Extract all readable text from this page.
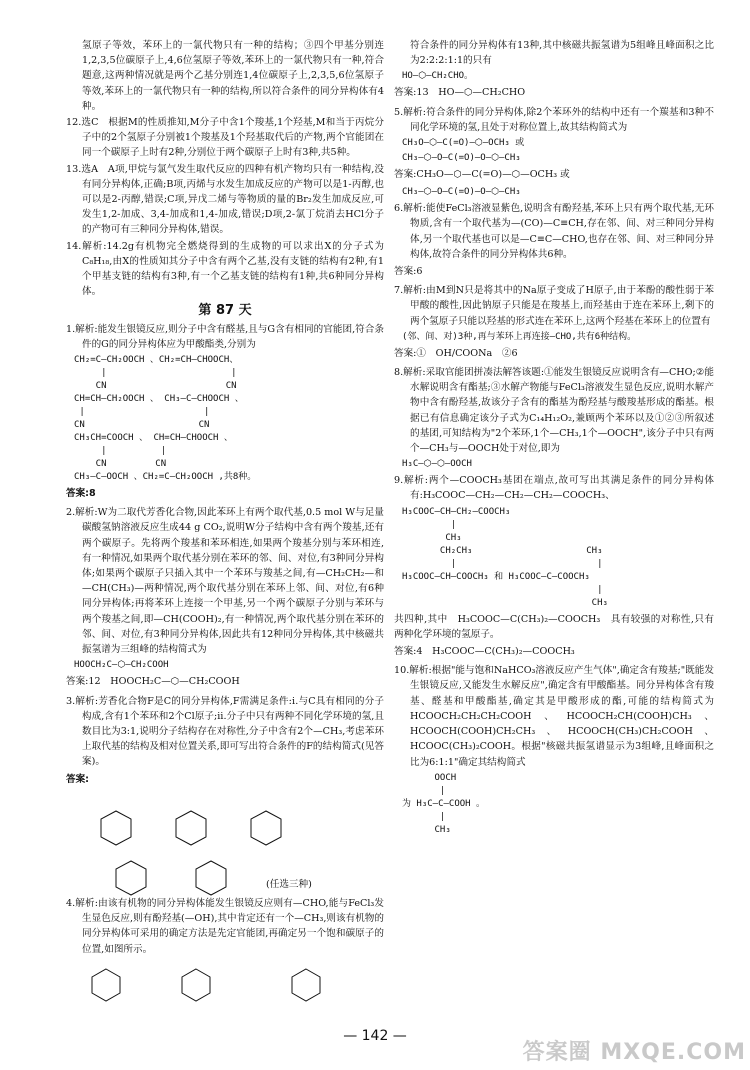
氢原子等效，苯环上的一氯代物只有一种的结构；③四个甲基分别连1,2,3,5位碳原子上,4,6位氢原子等效,苯环上的一氯代物只有一种,符合题意,这两种情况就是两个乙基分别连1,4位碳原子上,2,3,5,6位氢原子等效,苯环上的一氯代物只有一种的结构,所以符合条件的同分异构体有4种。

12.选C　根据M的性质推知,M分子中含1个羧基,1个羟基,M和当于丙烷分子中的2个氢原子分别被1个羧基及1个羟基取代后的产物,两个官能团在同一个碳原子上时有2种,分别位于两个碳原子上时有3种,共5种。

13.选A　A项,甲烷与氯气发生取代反应的四种有机产物均只有一种结构,没有同分异构体,正确;B项,丙烯与水发生加成反应的产物可以是1-丙醇,也可以是2-丙醇,错误;C项,异戊二烯与等物质的量的Br₂发生加成反应,可发生1,2-加成、3,4-加成和1,4-加成,错误;D项,2-氯丁烷消去HCl分子的产物可有三种同分异构体,错误。

14.解析:14.2g有机物完全燃烧得到的生成物的可以求出X的分子式为C₈H₁₈,由X的性质知其分子中含有两个乙基,没有支链的结构有2种,有1个甲基支链的结构有3种,有一个乙基支链的结构有1种,共6种同分异构体。

第 87 天

1.解析:能发生银镜反应,则分子中含有醛基,且与G含有相同的官能团,符合条件的G的同分异构体应为甲酸酯类,分别为

CH₂=C—CH₂OOCH 、CH₂=CH—CHOOCH、
|                       |
CN                      CN
CH=CH—CH₂OOCH 、 CH₃—C—CHOOCH 、
|                      |
CN                     CN
CH₃CH=COOCH 、 CH=CH—CHOOCH 、
|          |
CN         CN
CH₃—C—OOCH 、CH₂=C—CH₂OOCH ,共8种。
答案:8

2.解析:W为二取代芳香化合物,因此苯环上有两个取代基,0.5 mol W与足量碳酸氢钠溶液反应生成44 g CO₂,说明W分子结构中含有两个羧基,还有两个碳原子。先将两个羧基和苯环相连,如果两个羧基分别与苯环相连,有一种情况,如果两个取代基分别在苯环的邻、间、对位,有3种同分异构体;如果两个碳原子只插入其中一个苯环与羧基之间,有—CH₂CH₂—和—CH(CH₃)—两种情况,两个取代基分别在苯环上邻、间、对位,有6种同分异构体;再将苯环上连接一个甲基,另一个两个碳原子分别与苯环与两个羧基之间,即—CH(COOH)₂,有一种情况,两个取代基分别在苯环的邻、间、对位,有3种同分异构体,因此共有12种同分异构体,其中核磁共振氢谱为三组峰的结构简式为

HOOCH₂C—⬡—CH₂COOH
答案:12　HOOCH₂C—⬡—CH₂COOH

3.解析:芳香化合物F是C的同分异构体,F需满足条件:ⅰ.与C具有相同的分子构成,含有1个苯环和2个Cl原子;ⅱ.分子中只有两种不同化学环境的氢,且数目比为3:1,说明分子结构存在对称性,分子中含有2个—CH₃,考虑苯环上取代基的结构及相对位置关系,即可写出符合条件的F的结构简式(见答案)。

答案:
(任选三种)

4.解析:由该有机物的同分异构体能发生银镜反应则有—CHO,能与FeCl₃发生显色反应,则有酚羟基(—OH),其中肯定还有一个—CH₃,则该有机物的同分异构体可采用的确定方法是先定官能团,再确定另一个饱和碳原子的位置,如图所示。

符合条件的同分异构体有13种,其中核磁共振氢谱为5组峰且峰面积之比为2:2:2:1:1的只有

HO—⬡—CH₂CHO。
答案:13　HO—⬡—CH₂CHO

5.解析:符合条件的同分异构体,除2个苯环外的结构中还有一个羰基和3种不同化学环境的氢,且处于对称位置上,故其结构简式为

CH₃O—⬡—C(=O)—⬡—OCH₃ 或
CH₃—⬡—O—C(=O)—O—⬡—CH₃
答案:CH₃O—⬡—C(=O)—⬡—OCH₃ 或
CH₃—⬡—O—C(=O)—O—⬡—CH₃

6.解析:能使FeCl₃溶液显紫色,说明含有酚羟基,苯环上只有两个取代基,无环物质,含有一个取代基为—(CO)—C≡CH,存在邻、间、对三种同分异构体,另一个取代基也可以是—C≡C—CHO,也存在邻、间、对三种同分异构体,故符合条件的同分异构体共6种。

答案:6

7.解析:由M到N只是将其中的Na原子变成了H原子,由于苯酚的酸性弱于苯甲酸的酸性,因此钠原子只能是在羧基上,而羟基由于连在苯环上,剩下的两个氢原子只能以羟基的形式连在苯环上,这两个羟基在苯环上的位置有

(邻、间、对)3种,再与苯环上再连接—CHO,共有6种结构。
答案:①　OH/COONa　②6

8.解析:采取官能团拼凑法解答该题:①能发生银镜反应说明含有—CHO;②能水解说明含有酯基;③水解产物能与FeCl₃溶液发生显色反应,说明水解产物中含有酚羟基,故该分子含有的酯基为酚羟基与酸羧基形成的酯基。根据已有信息确定该分子式为C₁₄H₁₂O₂,兼顾两个苯环以及①②③所叙述的基团,可知结构为"2个苯环,1个—CH₃,1个—OOCH",该分子中只有两个—CH₃与—OOCH处于对位,即为

H₃C—⬡—⬡—OOCH

9.解析:两个—COOCH₃基团在端点,故可写出其满足条件的同分异构体有:H₃COOC—CH₂—CH₂—CH₂—COOCH₃、

H₃COOC—CH—CH₂—COOCH₃
|
CH₃
CH₂CH₃                     CH₃
|                          |
H₃COOC—CH—COOCH₃ 和 H₃COOC—C—COOCH₃
|
CH₃

共四种,其中　H₃COOC—C(CH₃)₂—COOCH₃　具有较强的对称性,只有两种化学环境的氢原子。

答案:4　H₃COOC—C(CH₃)₂—COOCH₃

10.解析:根据"能与饱和NaHCO₃溶液反应产生气体",确定含有羧基;"既能发生银镜反应,又能发生水解反应",确定含有甲酸酯基。同分异构体含有羧基、醛基和甲酸酯基,确定其是甲酸形成的酯,可能的结构简式为HCOOCH₂CH₂CH₂COOH、HCOOCH₂CH(COOH)CH₃、HCOOCH(COOH)CH₂CH₃、HCOOCH(CH₃)CH₂COOH、HCOOC(CH₃)₂COOH。根据"核磁共振氢谱显示为3组峰,且峰面积之比为6:1:1"确定其结构简式

OOCH
|
为 H₃C—C—COOH 。
|
CH₃
— 142 —
答案圈 MXQE.COM
